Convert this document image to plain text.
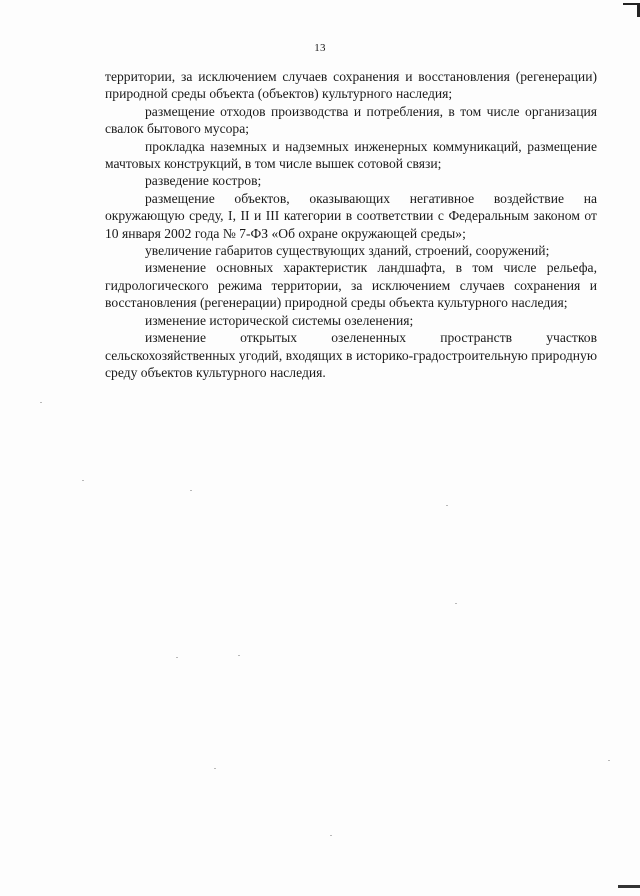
13

территории, за исключением случаев сохранения и восстановления (регенерации) природной среды объекта (объектов) культурного наследия;

размещение отходов производства и потребления, в том числе организация свалок бытового мусора;

прокладка наземных и надземных инженерных коммуникаций, размещение мачтовых конструкций, в том числе вышек сотовой связи;

разведение костров;

размещение объектов, оказывающих негативное воздействие на окружающую среду, I, II и III категории в соответствии с Федеральным законом от 10 января 2002 года № 7-ФЗ «Об охране окружающей среды»;

увеличение габаритов существующих зданий, строений, сооружений;

изменение основных характеристик ландшафта, в том числе рельефа, гидрологического режима территории, за исключением случаев сохранения и восстановления (регенерации) природной среды объекта культурного наследия;

изменение исторической системы озеленения;

изменение открытых озелененных пространств участков сельскохозяйственных угодий, входящих в историко-градостроительную природную среду объектов культурного наследия.
